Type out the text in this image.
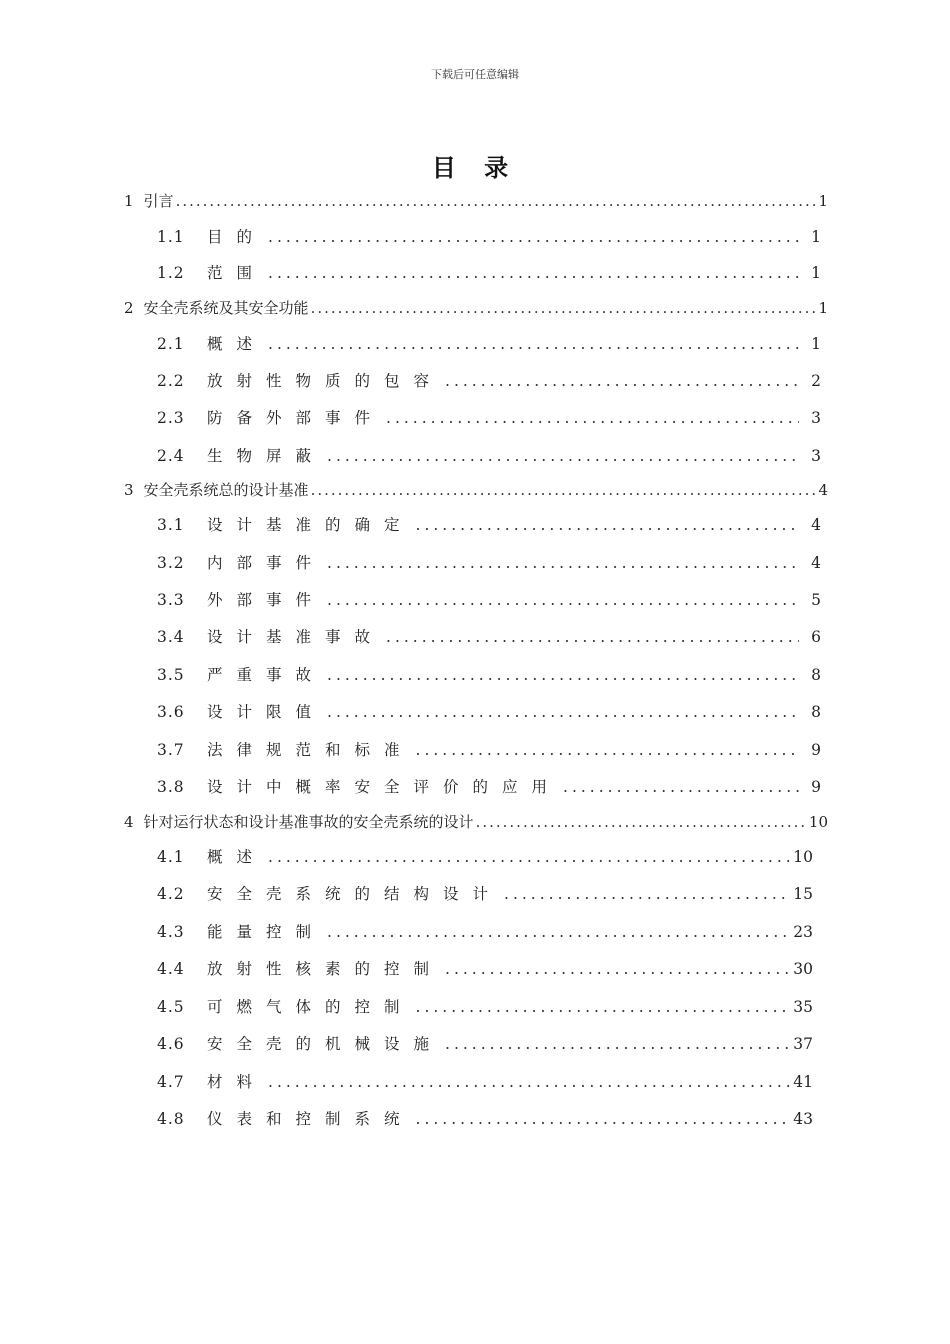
下载后可任意编辑
目 录
1 引言 .....	1
1.1	目的 .....	1
1.2	范围 .....	1
2 安全壳系统及其安全功能 .....	1
2.1	概述 .....	1
2.2	放射性物质的包容 .....	2
2.3	防备外部事件 .....	3
2.4	生物屏蔽 .....	3
3 安全壳系统总的设计基准 .....	4
3.1	设计基准的确定 .....	4
3.2	内部事件 .....	4
3.3	外部事件 .....	5
3.4	设计基准事故 .....	6
3.5	严重事故 .....	8
3.6	设计限值 .....	8
3.7	法律规范和标准 .....	9
3.8	设计中概率安全评价的应用 .....	9
4 针对运行状态和设计基准事故的安全壳系统的设计 .....	10
4.1	概述 .....	10
4.2	安全壳系统的结构设计 .....	15
4.3	能量控制 .....	23
4.4	放射性核素的控制 .....	30
4.5	可燃气体的控制 .....	35
4.6	安全壳的机械设施 .....	37
4.7	材料 .....	41
4.8	仪表和控制系统 .....	43
